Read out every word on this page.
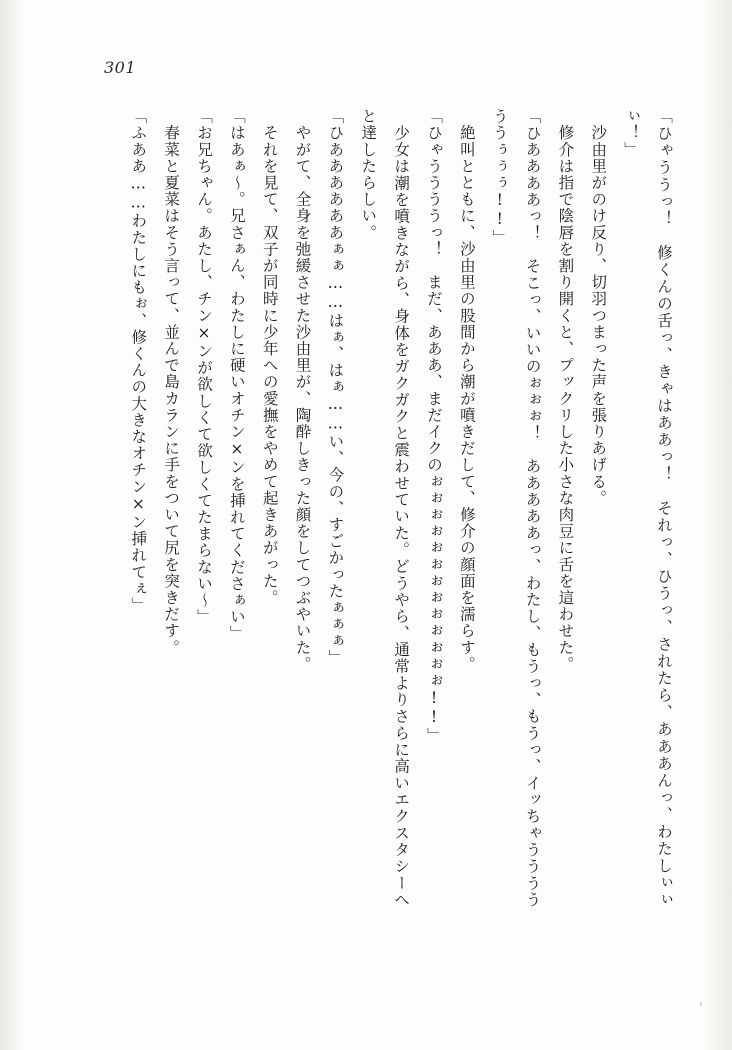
301
「ひゃううっ！　修くんの舌っ、きゃはああっ！　それっ、ひうっ、されたら、あああんっ、わたしぃぃぃ！」
　沙由里がのけ反り、切羽つまった声を張りあげる。
　修介は指で陰唇を割り開くと、プックリした小さな肉豆に舌を這わせた。
「ひああああっ！　そこっ、いいのぉぉぉ！　あああああっ、わたし、もうっ、もうっ、イッちゃううううううぅぅぅ!!」
　絶叫とともに、沙由里の股間から潮が噴きだして、修介の顔面を濡らす。
「ひゃううううっ！　まだ、あああ、まだイクのぉぉぉぉぉぉぉぉぉぉぉぉぉ!!」
　少女は潮を噴きながら、身体をガクガクと震わせていた。どうやら、通常よりさらに高いエクスタシーへと達したらしい。
「ひああああああぁぁ……はぁ、はぁ……い、今の、すごかったぁぁぁ」
　やがて、全身を弛緩させた沙由里が、陶酔しきった顔をしてつぶやいた。
　それを見て、双子が同時に少年への愛撫をやめて起きあがった。
「はあぁ～。兄さぁん、わたしに硬いオチン×ンを挿れてくださぁい」
「お兄ちゃん。あたし、チン×ンが欲しくて欲しくてたまらない～」
　春菜と夏菜はそう言って、並んで島カランに手をついて尻を突きだす。
「ふああ……わたしにもぉ、修くんの大きなオチン×ン挿れてぇ」
